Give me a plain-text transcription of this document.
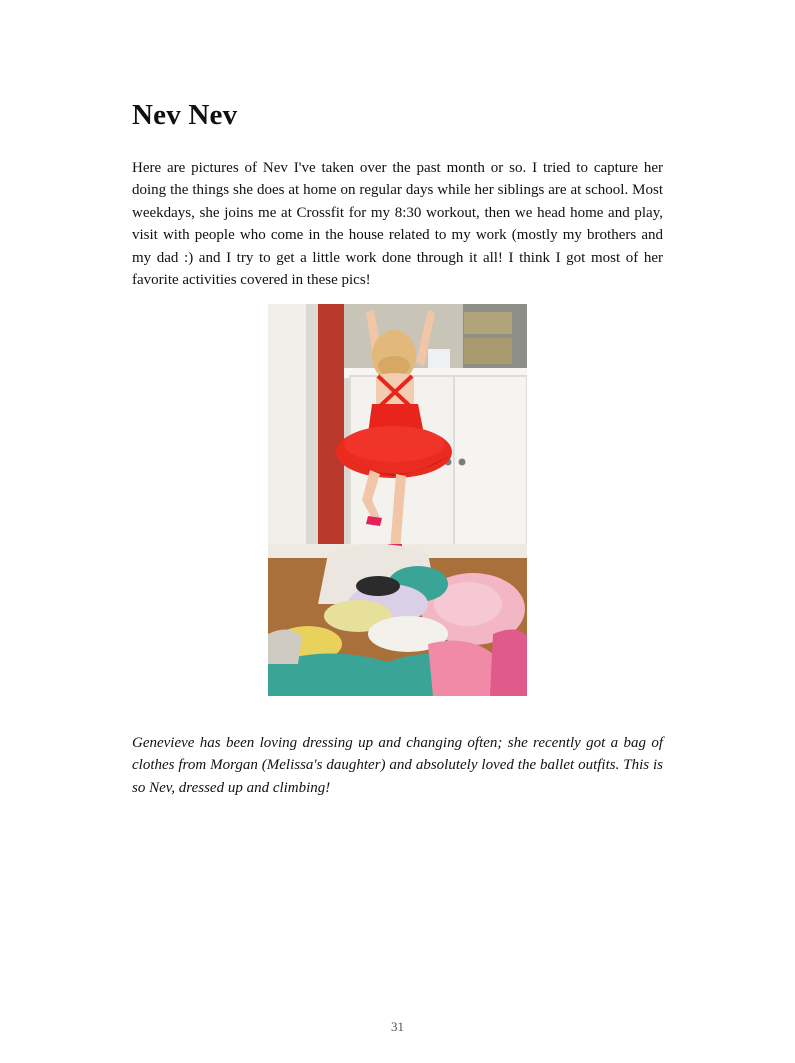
Nev Nev

Here are pictures of Nev I've taken over the past month or so. I tried to capture her doing the things she does at home on regular days while her siblings are at school. Most weekdays, she joins me at Crossfit for my 8:30 workout, then we head home and play, visit with people who come in the house related to my work (mostly my brothers and my dad :) and I try to get a little work done through it all! I think I got most of her favorite activities covered in these pics!

Genevieve has been loving dressing up and changing often; she recently got a bag of clothes from Morgan (Melissa's daughter) and absolutely loved the ballet outfits. This is so Nev, dressed up and climbing!

31
